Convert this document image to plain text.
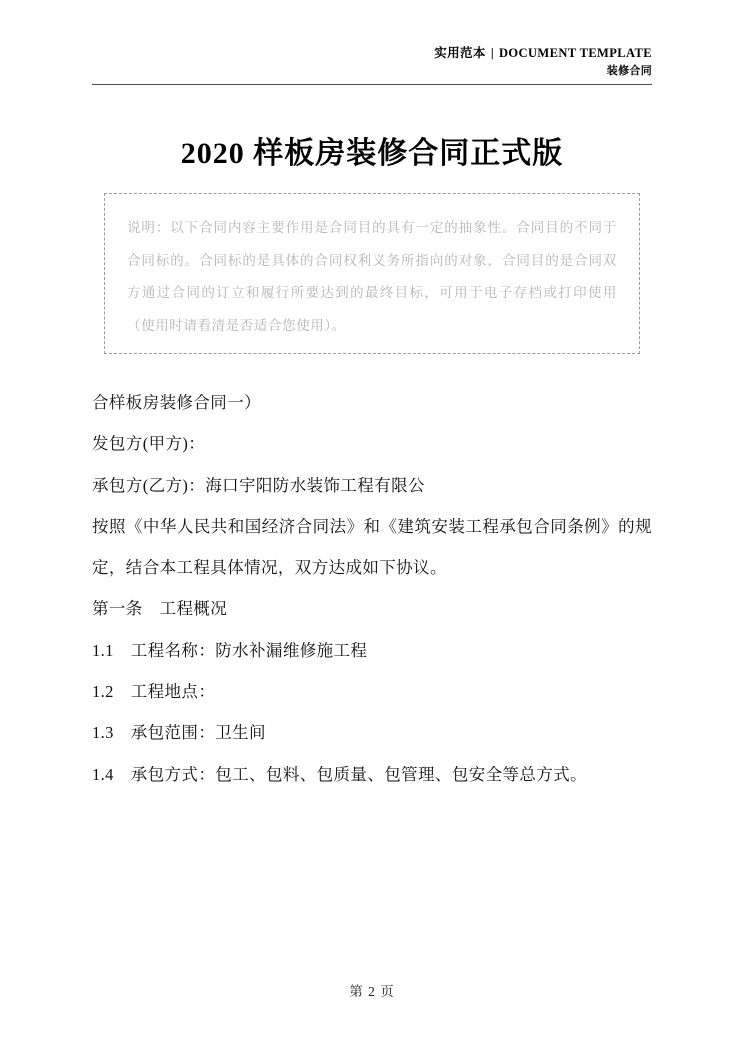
实用范本 | DOCUMENT TEMPLATE
装修合同
2020 样板房装修合同正式版
说明：以下合同内容主要作用是合同目的具有一定的抽象性。合同目的不同于合同标的。合同标的是具体的合同权利义务所指向的对象，合同目的是合同双方通过合同的订立和履行所要达到的最终目标，可用于电子存档或打印使用（使用时请看清是否适合您使用）。

合样板房装修合同一）

发包方(甲方)：

承包方(乙方)：海口宇阳防水装饰工程有限公

按照《中华人民共和国经济合同法》和《建筑安装工程承包合同条例》的规定，结合本工程具体情况，双方达成如下协议。

第一条　工程概况

1.1　工程名称：防水补漏维修施工程

1.2　工程地点：

1.3　承包范围：卫生间

1.4　承包方式：包工、包料、包质量、包管理、包安全等总方式。

第 2 页
